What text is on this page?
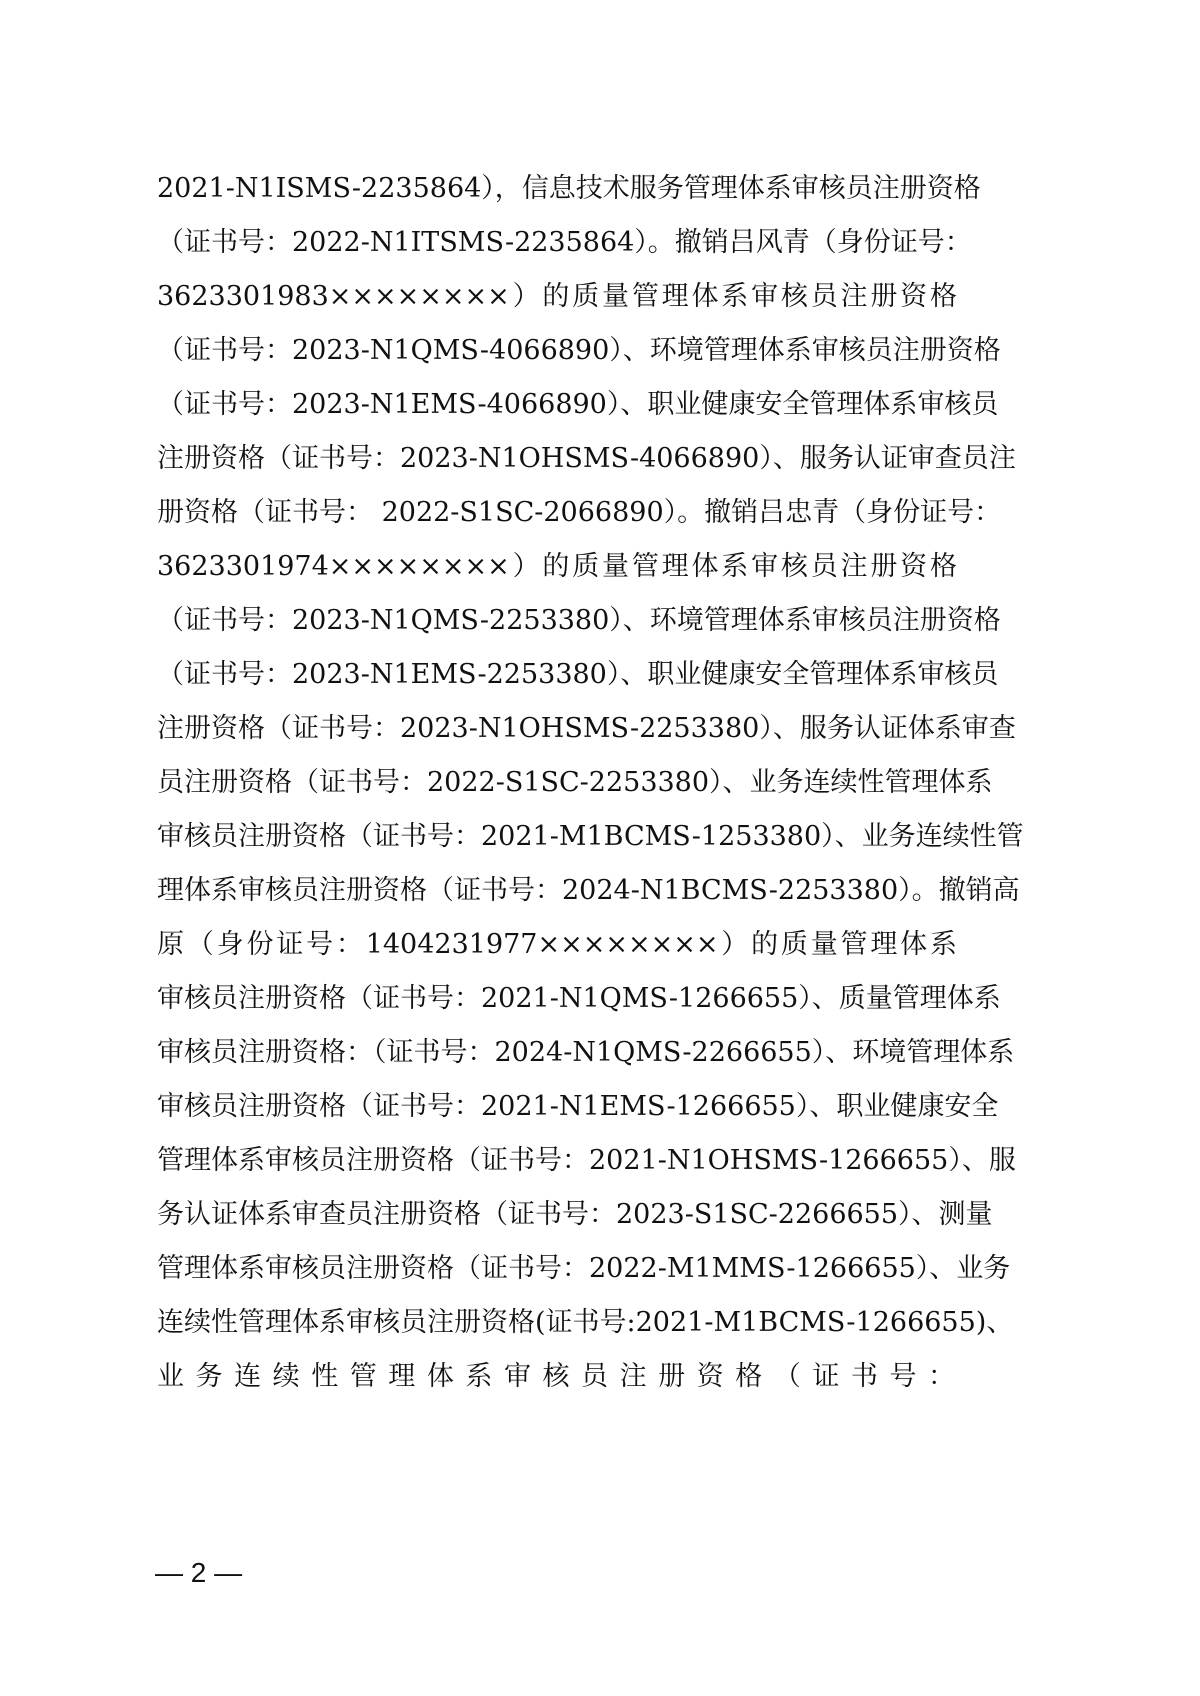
2021-N1ISMS-2235864），信息技术服务管理体系审核员注册资格
（证书号：2022-N1ITSMS-2235864）。撤销吕风青（身份证号：
3623301983××××××××）的质量管理体系审核员注册资格
（证书号：2023-N1QMS-4066890）、环境管理体系审核员注册资格
（证书号：2023-N1EMS-4066890）、职业健康安全管理体系审核员
注册资格（证书号：2023-N1OHSMS-4066890）、服务认证审查员注
册资格（证书号： 2022-S1SC-2066890）。撤销吕忠青（身份证号：
3623301974××××××××）的质量管理体系审核员注册资格
（证书号：2023-N1QMS-2253380）、环境管理体系审核员注册资格
（证书号：2023-N1EMS-2253380）、职业健康安全管理体系审核员
注册资格（证书号：2023-N1OHSMS-2253380）、服务认证体系审查
员注册资格（证书号：2022-S1SC-2253380）、业务连续性管理体系
审核员注册资格（证书号：2021-M1BCMS-1253380）、业务连续性管
理体系审核员注册资格（证书号：2024-N1BCMS-2253380）。撤销高
原（身份证号：1404231977××××××××）的质量管理体系
审核员注册资格（证书号：2021-N1QMS-1266655）、质量管理体系
审核员注册资格：（证书号：2024-N1QMS-2266655）、环境管理体系
审核员注册资格（证书号：2021-N1EMS-1266655）、职业健康安全
管理体系审核员注册资格（证书号：2021-N1OHSMS-1266655）、服
务认证体系审查员注册资格（证书号：2023-S1SC-2266655）、测量
管理体系审核员注册资格（证书号：2022-M1MMS-1266655）、业务
连续性管理体系审核员注册资格(证书号:2021-M1BCMS-1266655)、
业务连续性管理体系审核员注册资格（证书号：
— 2 —
